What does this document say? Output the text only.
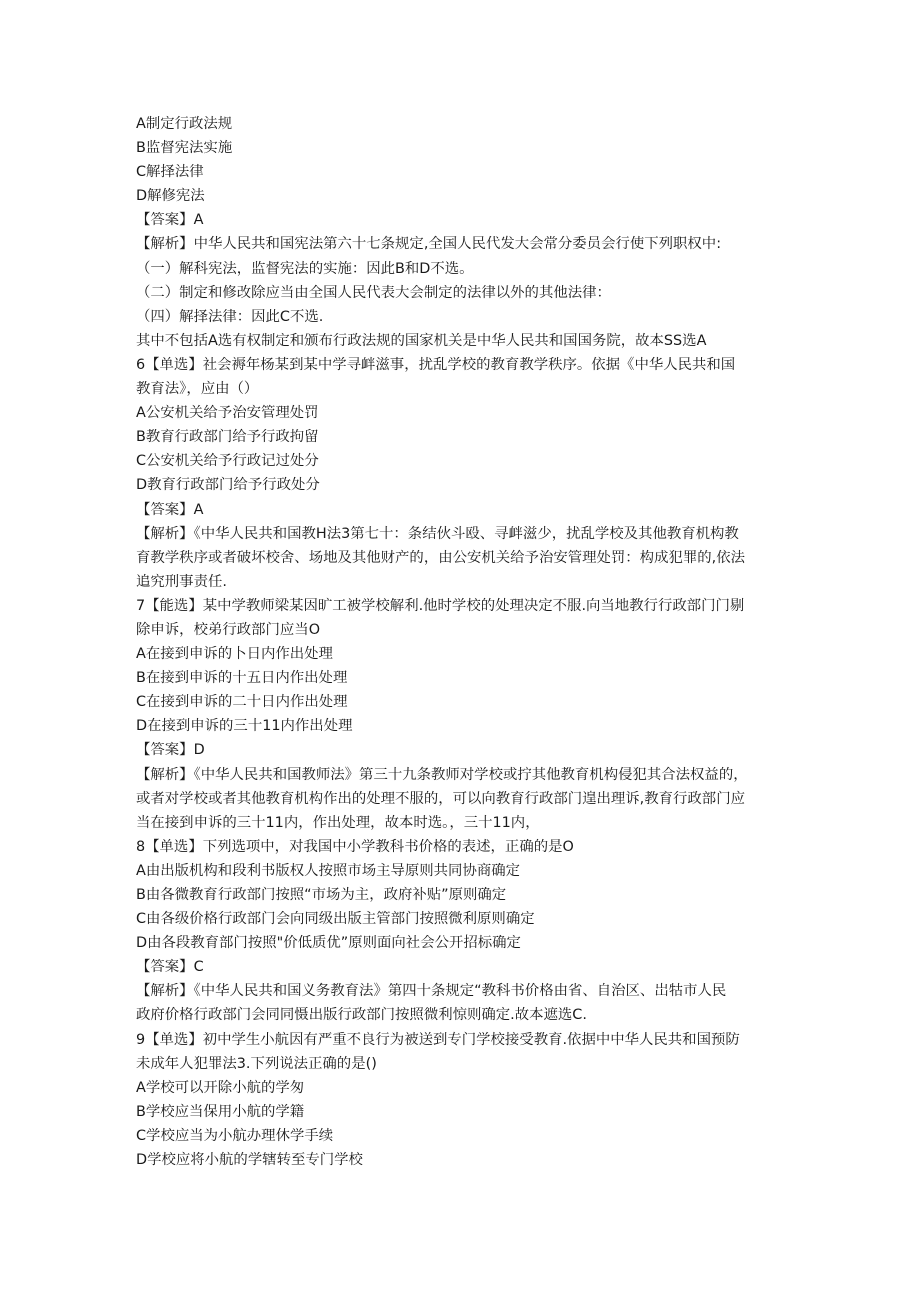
A制定行政法规
B监督宪法实施
C解择法律
D解修宪法
【答案】A
【解析】中华人民共和国宪法第六十七条规定,全国人民代发大会常分委员会行使下列职权中:
（一）解科宪法，监督宪法的实施：因此B和D不选。
（二）制定和修改除应当由全国人民代表大会制定的法律以外的其他法律：
（四）解择法律：因此C不选.
其中不包括A选有权制定和颁布行政法规的国家机关是中华人民共和国国务院，故本SS选A
6【单选】社会褥年杨某到某中学寻衅滋事，扰乱学校的教育教学秩序。依据《中华人民共和国
教育法》，应由（）
A公安机关给予治安管理处罚
B教育行政部门给予行政拘留
C公安机关给予行政记过处分
D教育行政部门给予行政处分
【答案】A
【解析】《中华人民共和国教H法3第七十：条结伙斗殴、寻衅滋少，扰乱学校及其他教育机构教
育教学秩序或者破坏校舍、场地及其他财产的，由公安机关给予治安管理处罚：构成犯罪的,依法
追究刑事责任.
7【能选】某中学教师梁某因旷工被学校解利.他时学校的处理决定不服.向当地教行行政部门门剔
除申诉，校弟行政部门应当O
A在接到申诉的卜日内作出处理
B在接到申诉的十五日内作出处理
C在接到申诉的二十日内作出处理
D在接到申诉的三十11内作出处理
【答案】D
【解析】《中华人民共和国教师法》第三十九条教师对学校或拧其他教育机构侵犯其合法权益的，
或者对学校或者其他教育机构作出的处理不服的，可以向教育行政部门遑出理诉,教育行政部门应
当在接到申诉的三十11内，作出处理，故本时选。，三十11内，
8【单选】下列选项中，对我国中小学教科书价格的表述，正确的是O
A由出版机构和段利书版权人按照市场主导原则共同协商确定
B由各微教育行政部门按照“市场为主，政府补贴”原则确定
C由各级价格行政部门会向同级出版主管部门按照微利原则确定
D由各段教育部门按照"价低质优”原则面向社会公开招标确定
【答案】C
【解析】《中华人民共和国义务教育法》第四十条规定“教科书价格由省、自治区、岀牯市人民
政府价格行政部门会同同慑出版行政部门按照微利惊则确定.故本遮选C.
9【单选】初中学生小航因有严重不良行为被送到专门学校接受教育.依据中中华人民共和国预防
未成年人犯罪法3.下列说法正确的是()
A学校可以开除小航的学匆
B学校应当保用小航的学籍
C学校应当为小航办理休学手续
D学校应将小航的学辖转至专门学校
